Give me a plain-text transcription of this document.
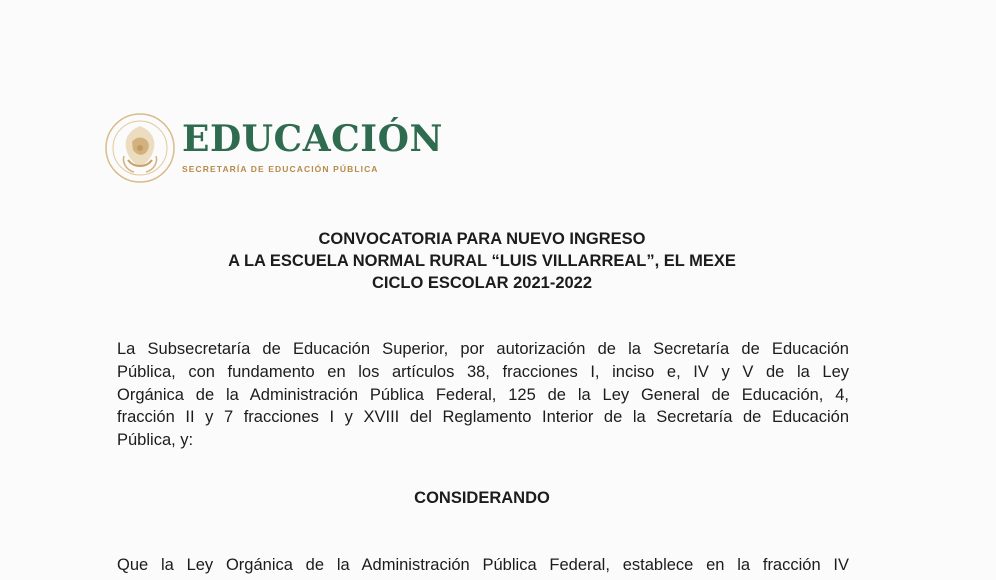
EDUCACIÓN
SECRETARÍA DE EDUCACIÓN PÚBLICA
CONVOCATORIA PARA NUEVO INGRESO
A LA ESCUELA NORMAL RURAL “LUIS VILLARREAL”, EL MEXE
CICLO ESCOLAR 2021-2022
La Subsecretaría de Educación Superior, por autorización de la Secretaría de Educación
Pública, con fundamento en los artículos 38, fracciones I, inciso e, IV y V de la Ley
Orgánica de la Administración Pública Federal, 125 de la Ley General de Educación, 4,
fracción II y 7 fracciones I y XVIII del Reglamento Interior de la Secretaría de Educación
Pública, y:
CONSIDERANDO
Que la Ley Orgánica de la Administración Pública Federal, establece en la fracción IV
